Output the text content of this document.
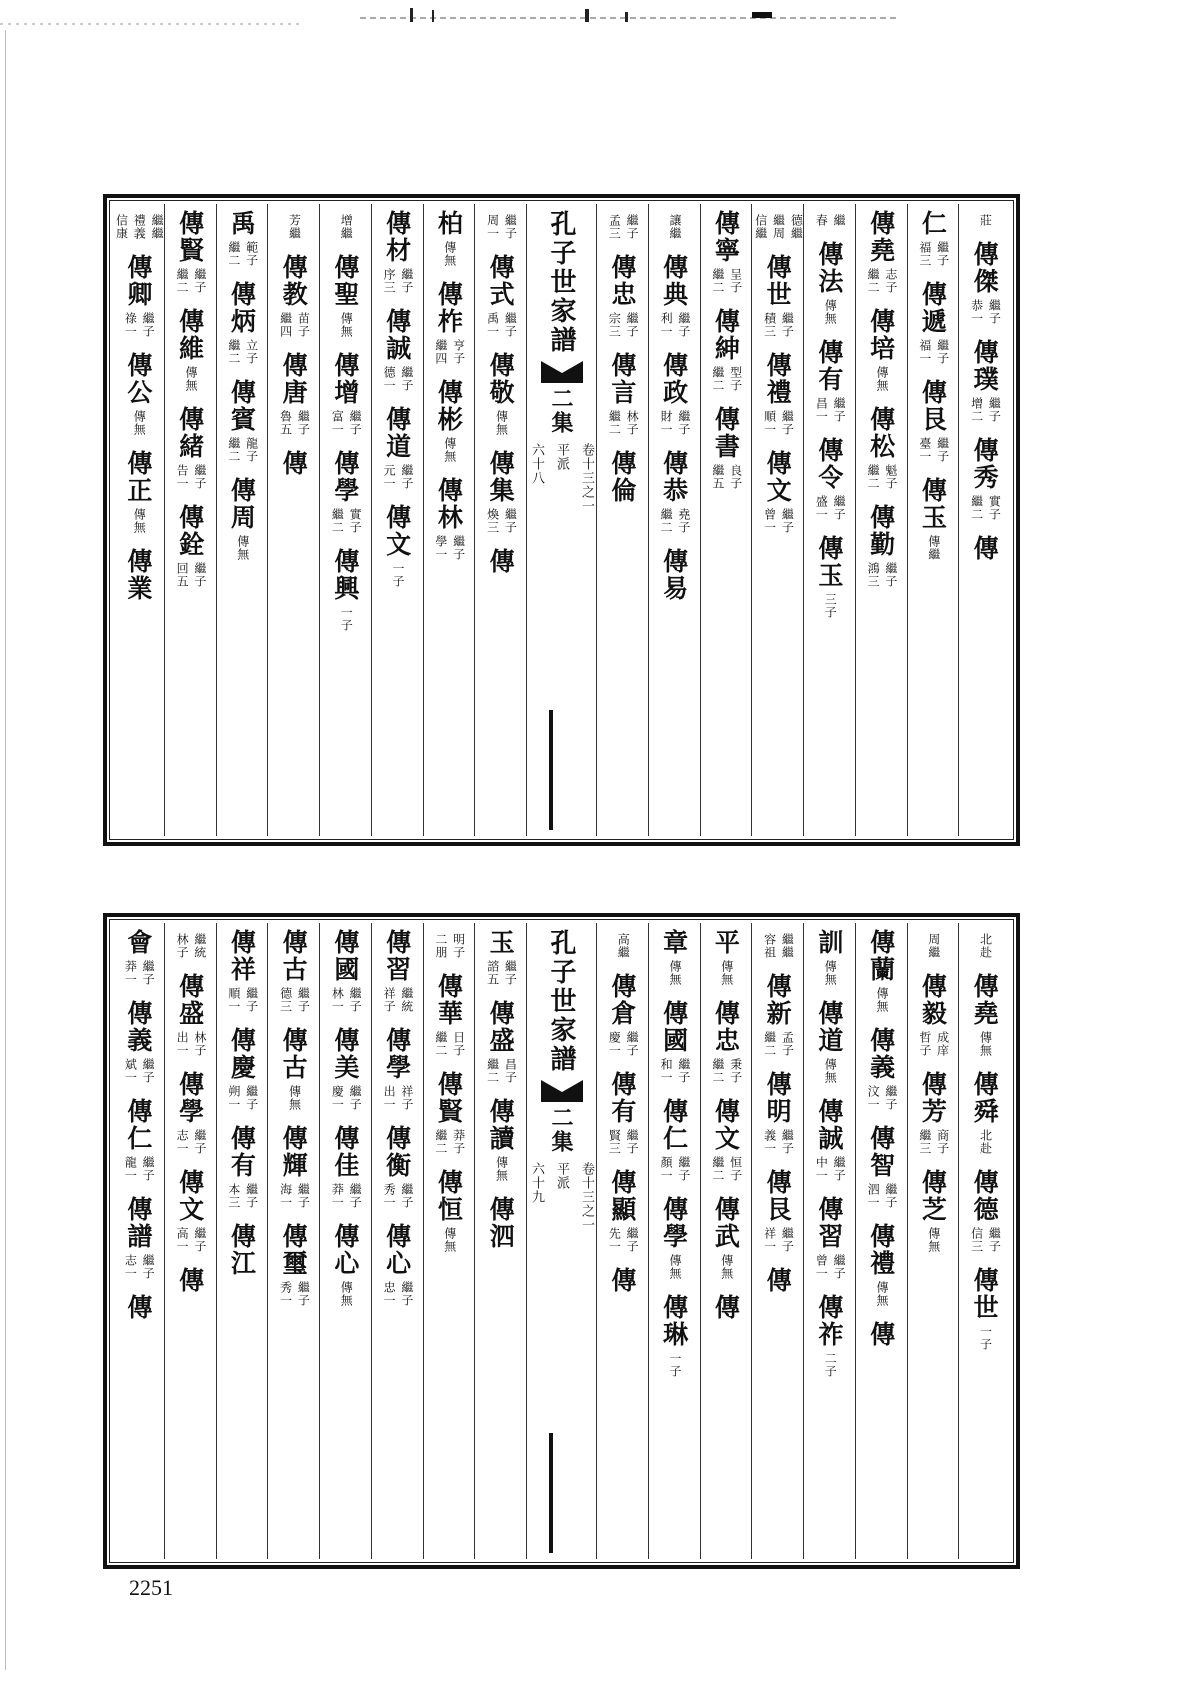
莊
傳傑
繼子
恭一
傳璞
繼子
增二
傳秀
實子
繼二
傳
仁
繼子
福三
傳遞
繼子
福一
傳艮
繼子
臺一
傳玉
傳繼
傳堯
志子
繼二
傳培
傳無
傳松
魁子
繼二
傳勤
繼子
鴻三
繼
春
傳法
傳無
傳有
繼子
昌一
傳令
繼子
盛一
傳玉
三子
德繼
繼周
信繼
傳世
繼子
積三
傳禮
繼子
順一
傳文
繼子
曾一
傳寧
呈子
繼二
傳紳
型子
繼二
傳書
良子
繼五
讓繼
傳典
繼子
利一
傳政
繼子
財一
傳恭
堯子
繼二
傳易
繼子
孟三
傳忠
繼子
宗三
傳言
林子
繼二
傳倫
孔子世家譜
二集
卷十三之一
平派
六十八
繼子
周一
傳式
繼子
禹一
傳敬
傳無
傳集
繼子
煥三
傳
柏
傳無
傳柞
亨子
繼四
傳彬
傳無
傳林
繼子
學一
傳材
繼子
序三
傳誠
繼子
德一
傳道
繼子
元一
傳文
一子
增繼
傳聖
傳無
傳增
繼子
富一
傳學
實子
繼二
傳興
一子
芳繼
傳教
苗子
繼四
傳唐
繼子
魯五
傳
禹
範子
繼二
傳炳
立子
繼二
傳賓
龍子
繼二
傳周
傳無
傳賢
繼子
繼二
傳維
傳無
傳緒
繼子
告一
傳銓
繼子
回五
繼繼
禮義
信康
傳卿
繼子
祿一
傳公
傳無
傳正
傳無
傳業
北赴
傳堯
傳無
傳舜
北赴
傳德
繼子
信三
傳世
一子
周繼
傳毅
成庠
哲子
傳芳
商子
繼三
傳芝
傳無
傳蘭
傳無
傳義
繼子
汶一
傳智
繼子
泗一
傳禮
傳無
傳
訓
傳無
傳道
傳無
傳誠
繼子
中一
傳習
繼子
曾一
傳祚
二子
繼繼
容祖
傳新
孟子
繼二
傳明
繼子
義一
傳艮
繼子
祥一
傳
平
傳無
傳忠
秉子
繼二
傳文
恒子
繼二
傳武
傳無
傳
章
傳無
傳國
繼子
和一
傳仁
繼子
顏一
傳學
傳無
傳琳
一子
高繼
傳倉
繼子
慶一
傳有
繼子
賢三
傳顯
繼子
先一
傳
孔子世家譜
二集
卷十三之一
平派
六十九
玉
繼子
諮五
傳盛
昌子
繼二
傳讀
傳無
傳泗
明子
二朋
傳華
日子
繼二
傳賢
莽子
繼二
傳恒
傳無
傳習
繼統
祥子
傳學
祥子
出一
傳衡
繼子
秀一
傳心
繼子
忠一
傳國
繼子
林一
傳美
繼子
慶一
傳佳
繼子
莽一
傳心
傳無
傳古
繼子
德三
傳古
傳無
傳輝
繼子
海一
傳璽
繼子
秀一
傳祥
繼子
順一
傳慶
繼子
朔一
傳有
繼子
本三
傳江
繼統
林子
傳盛
林子
出一
傳學
繼子
志一
傳文
繼子
高一
傳
會
繼子
莽一
傳義
繼子
斌一
傳仁
繼子
龍一
傳譜
繼子
志一
傳
2251
